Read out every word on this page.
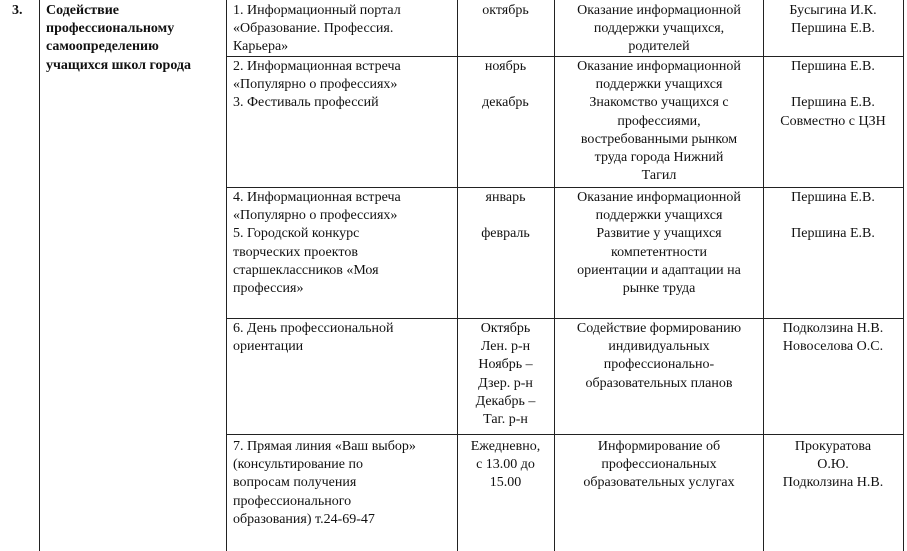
3.	Содействие
профессиональному
самоопределению
учащихся школ города
1. Информационный портал
«Образование. Профессия.
Карьера»
октябрь	Оказание информационной
поддержки учащихся,
родителей
Бусыгина И.К.
Першина Е.В.
2. Информационная встреча
«Популярно о профессиях»
3. Фестиваль профессий
ноябрь

декабрь
Оказание информационной
поддержки учащихся
Знакомство учащихся с
профессиями,
востребованными рынком
труда города Нижний
Тагил
Першина Е.В.

Першина Е.В.
Совместно с ЦЗН
4. Информационная встреча
«Популярно о профессиях»
5. Городской конкурс
творческих проектов
старшеклассников «Моя
профессия»
январь

февраль
Оказание информационной
поддержки учащихся
Развитие у учащихся
компетентности
ориентации и адаптации на
рынке труда
Першина Е.В.

Першина Е.В.
6. День профессиональной
ориентации
Октябрь
Лен. р-н
Ноябрь –
Дзер. р-н
Декабрь –
Таг. р-н
Содействие формированию
индивидуальных
профессионально-
образовательных планов
Подколзина Н.В.
Новоселова О.С.
7. Прямая линия «Ваш выбор»
(консультирование по
вопросам получения
профессионального
образования) т.24-69-47
Ежедневно,
с 13.00 до
15.00
Информирование об
профессиональных
образовательных услугах
Прокуратова
О.Ю.
Подколзина Н.В.
